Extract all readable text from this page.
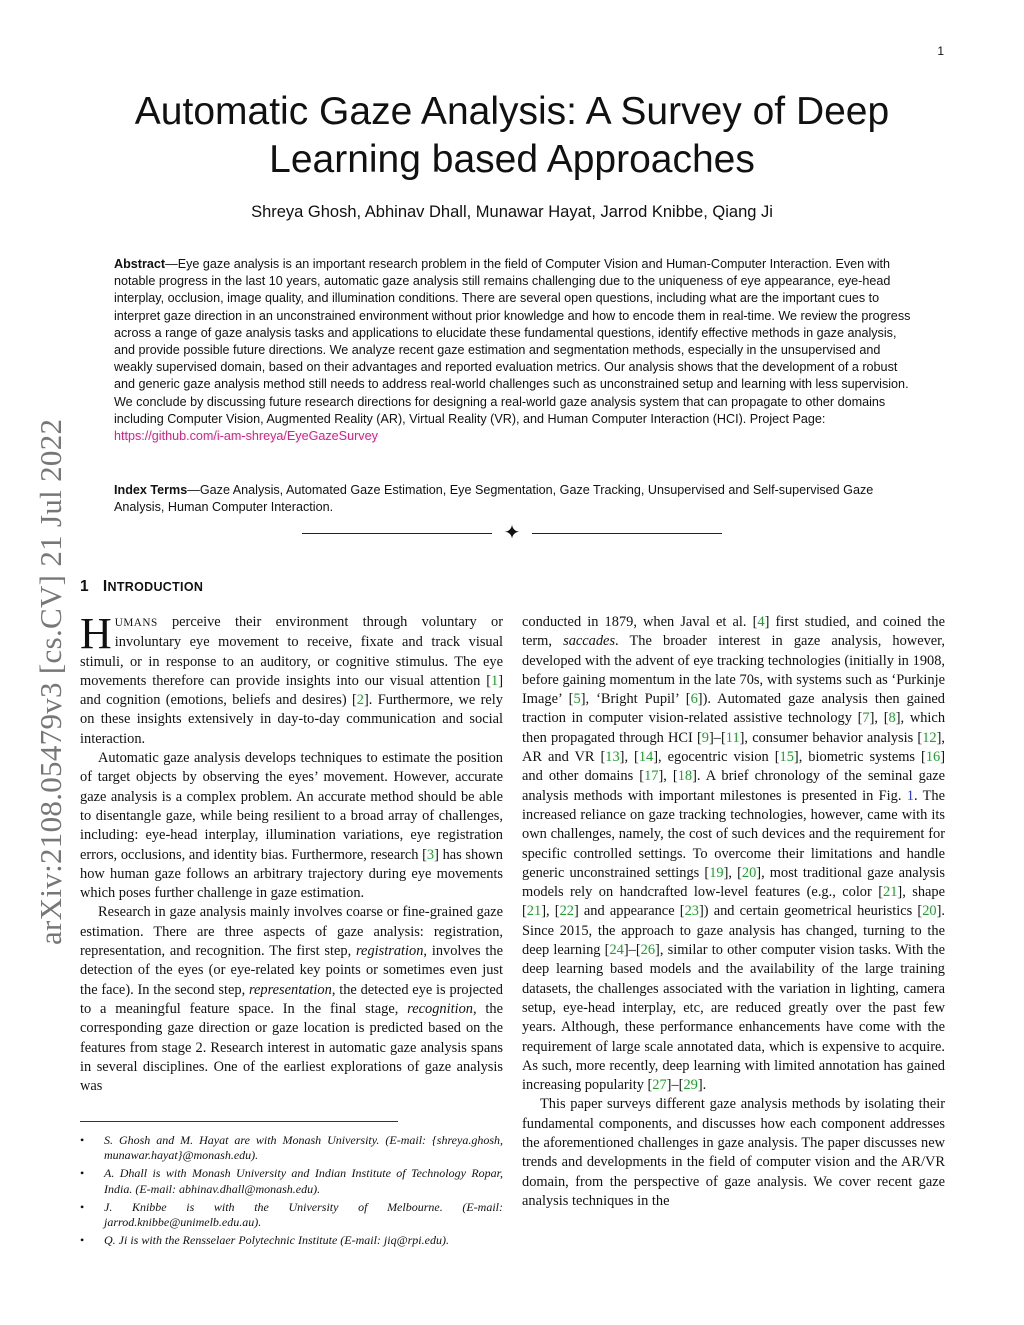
1
Automatic Gaze Analysis: A Survey of Deep
Learning based Approaches
Shreya Ghosh, Abhinav Dhall, Munawar Hayat, Jarrod Knibbe, Qiang Ji
Abstract—Eye gaze analysis is an important research problem in the field of Computer Vision and Human-Computer Interaction. Even with notable progress in the last 10 years, automatic gaze analysis still remains challenging due to the uniqueness of eye appearance, eye-head interplay, occlusion, image quality, and illumination conditions. There are several open questions, including what are the important cues to interpret gaze direction in an unconstrained environment without prior knowledge and how to encode them in real-time. We review the progress across a range of gaze analysis tasks and applications to elucidate these fundamental questions, identify effective methods in gaze analysis, and provide possible future directions. We analyze recent gaze estimation and segmentation methods, especially in the unsupervised and weakly supervised domain, based on their advantages and reported evaluation metrics. Our analysis shows that the development of a robust and generic gaze analysis method still needs to address real-world challenges such as unconstrained setup and learning with less supervision. We conclude by discussing future research directions for designing a real-world gaze analysis system that can propagate to other domains including Computer Vision, Augmented Reality (AR), Virtual Reality (VR), and Human Computer Interaction (HCI). Project Page:
https://github.com/i-am-shreya/EyeGazeSurvey
Index Terms—Gaze Analysis, Automated Gaze Estimation, Eye Segmentation, Gaze Tracking, Unsupervised and Self-supervised Gaze Analysis, Human Computer Interaction.
✦
1 INTRODUCTION

HUMANS perceive their environment through voluntary or involuntary eye movement to receive, fixate and track visual stimuli, or in response to an auditory, or cognitive stimulus. The eye movements therefore can provide insights into our visual attention [1] and cognition (emotions, beliefs and desires) [2]. Furthermore, we rely on these insights extensively in day-to-day communication and social interaction.

Automatic gaze analysis develops techniques to estimate the position of target objects by observing the eyes’ movement. However, accurate gaze analysis is a complex problem. An accurate method should be able to disentangle gaze, while being resilient to a broad array of challenges, including: eye-head interplay, illumination variations, eye registration errors, occlusions, and identity bias. Furthermore, research [3] has shown how human gaze follows an arbitrary trajectory during eye movements which poses further challenge in gaze estimation.

Research in gaze analysis mainly involves coarse or fine-grained gaze estimation. There are three aspects of gaze analysis: registration, representation, and recognition. The first step, registration, involves the detection of the eyes (or eye-related key points or sometimes even just the face). In the second step, representation, the detected eye is projected to a meaningful feature space. In the final stage, recognition, the corresponding gaze direction or gaze location is predicted based on the features from stage 2. Research interest in automatic gaze analysis spans in several disciplines. One of the earliest explorations of gaze analysis was

conducted in 1879, when Javal et al. [4] first studied, and coined the term, saccades. The broader interest in gaze analysis, however, developed with the advent of eye tracking technologies (initially in 1908, before gaining momentum in the late 70s, with systems such as ‘Purkinje Image’ [5], ‘Bright Pupil’ [6]). Automated gaze analysis then gained traction in computer vision-related assistive technology [7], [8], which then propagated through HCI [9]–[11], consumer behavior analysis [12], AR and VR [13], [14], egocentric vision [15], biometric systems [16] and other domains [17], [18]. A brief chronology of the seminal gaze analysis methods with important milestones is presented in Fig. 1. The increased reliance on gaze tracking technologies, however, came with its own challenges, namely, the cost of such devices and the requirement for specific controlled settings. To overcome their limitations and handle generic unconstrained settings [19], [20], most traditional gaze analysis models rely on handcrafted low-level features (e.g., color [21], shape [21], [22] and appearance [23]) and certain geometrical heuristics [20]. Since 2015, the approach to gaze analysis has changed, turning to the deep learning [24]–[26], similar to other computer vision tasks. With the deep learning based models and the availability of the large training datasets, the challenges associated with the variation in lighting, camera setup, eye-head interplay, etc, are reduced greatly over the past few years. Although, these performance enhancements have come with the requirement of large scale annotated data, which is expensive to acquire. As such, more recently, deep learning with limited annotation has gained increasing popularity [27]–[29].

This paper surveys different gaze analysis methods by isolating their fundamental components, and discusses how each component addresses the aforementioned challenges in gaze analysis. The paper discusses new trends and developments in the field of computer vision and the AR/VR domain, from the perspective of gaze analysis. We cover recent gaze analysis techniques in the

• S. Ghosh and M. Hayat are with Monash University. (E-mail: {shreya.ghosh, munawar.hayat}@monash.edu).
• A. Dhall is with Monash University and Indian Institute of Technology Ropar, India. (E-mail: abhinav.dhall@monash.edu).
• J. Knibbe is with the University of Melbourne. (E-mail: jarrod.knibbe@unimelb.edu.au).
• Q. Ji is with the Rensselaer Polytechnic Institute (E-mail: jiq@rpi.edu).
arXiv:2108.05479v3 [cs.CV] 21 Jul 2022
